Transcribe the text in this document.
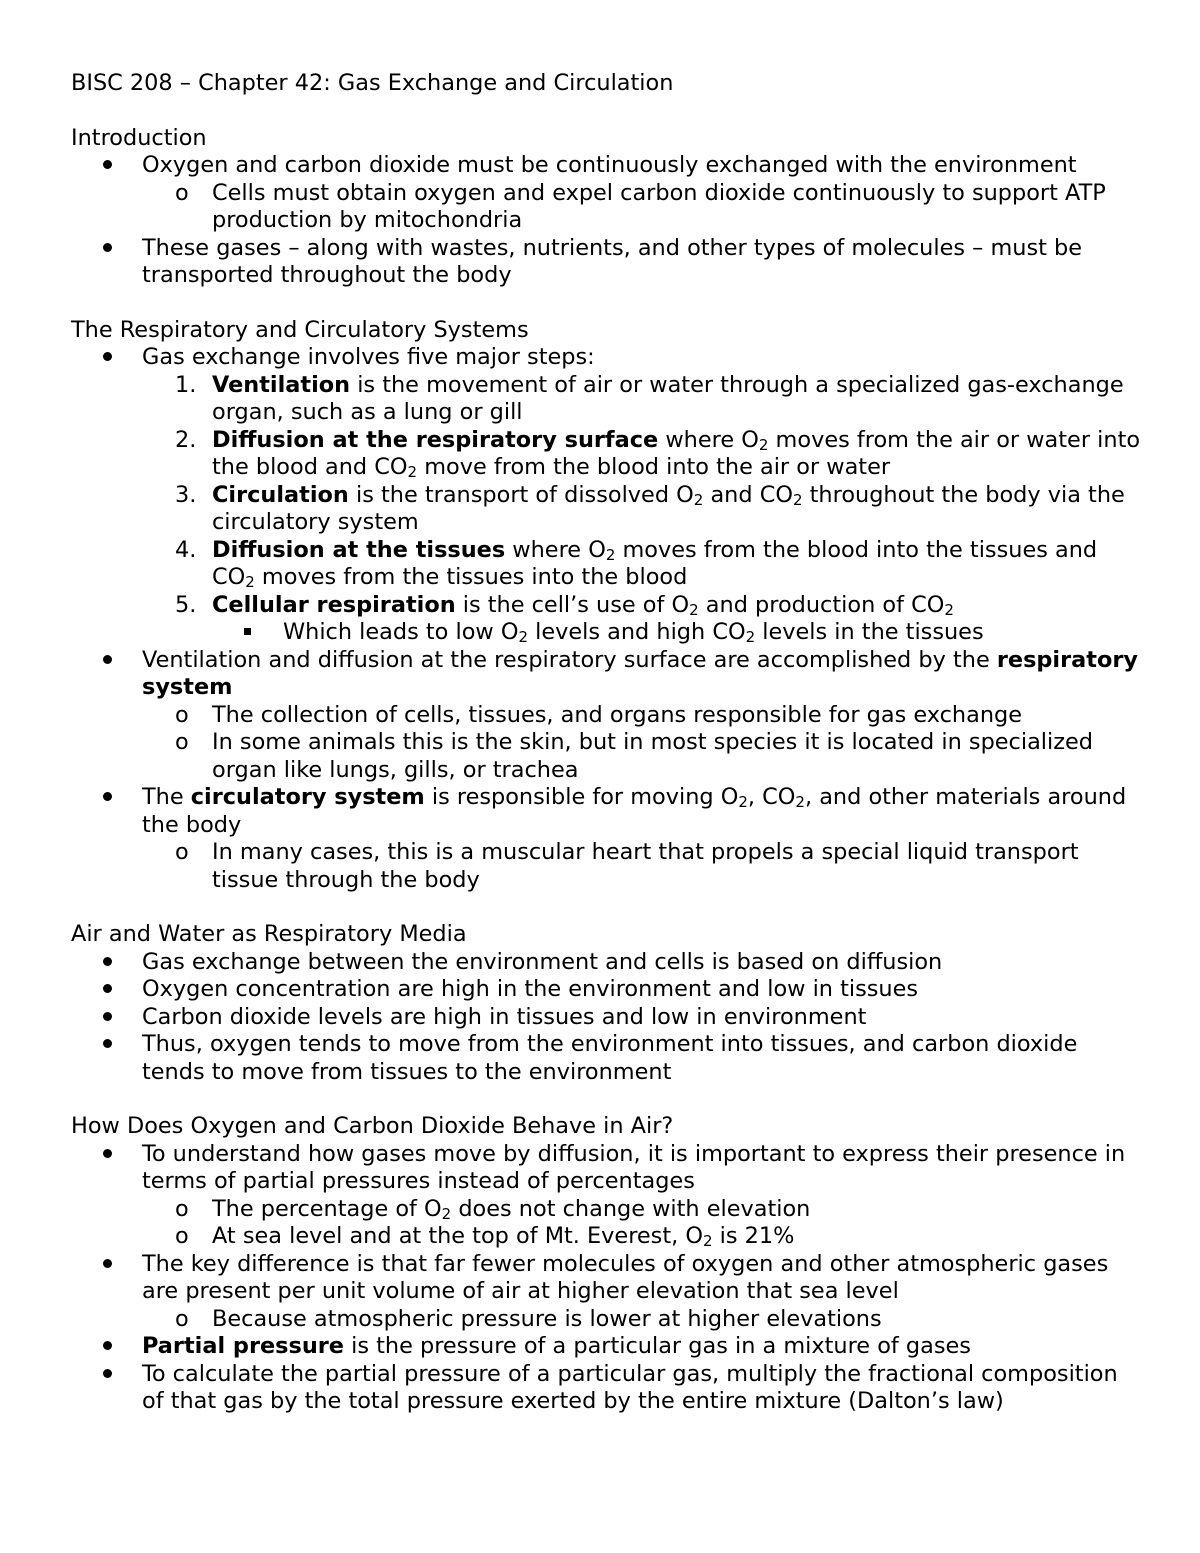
BISC 208 – Chapter 42: Gas Exchange and Circulation

Introduction

Oxygen and carbon dioxide must be continuously exchanged with the environment
o Cells must obtain oxygen and expel carbon dioxide continuously to support ATP production by mitochondria
These gases – along with wastes, nutrients, and other types of molecules – must be transported throughout the body

The Respiratory and Circulatory Systems

Gas exchange involves five major steps:
1. Ventilation is the movement of air or water through a specialized gas-exchange organ, such as a lung or gill
2. Diffusion at the respiratory surface where $O_2$ moves from the air or water into the blood and $CO_2$ move from the blood into the air or water
3. Circulation is the transport of dissolved $O_2$ and $CO_2$ throughout the body via the circulatory system
4. Diffusion at the tissues where $O_2$ moves from the blood into the tissues and $CO_2$ moves from the tissues into the blood
5. Cellular respiration is the cell’s use of $O_2$ and production of $CO_2$
Which leads to low $O_2$ levels and high $CO_2$ levels in the tissues
Ventilation and diffusion at the respiratory surface are accomplished by the respiratory system
o The collection of cells, tissues, and organs responsible for gas exchange
o In some animals this is the skin, but in most species it is located in specialized organ like lungs, gills, or trachea
The circulatory system is responsible for moving $O_2$, $CO_2$, and other materials around the body
o In many cases, this is a muscular heart that propels a special liquid transport tissue through the body

Air and Water as Respiratory Media

Gas exchange between the environment and cells is based on diffusion
Oxygen concentration are high in the environment and low in tissues
Carbon dioxide levels are high in tissues and low in environment
Thus, oxygen tends to move from the environment into tissues, and carbon dioxide tends to move from tissues to the environment

How Does Oxygen and Carbon Dioxide Behave in Air?

To understand how gases move by diffusion, it is important to express their presence in terms of partial pressures instead of percentages
o The percentage of $O_2$ does not change with elevation
o At sea level and at the top of Mt. Everest, $O_2$ is 21%
The key difference is that far fewer molecules of oxygen and other atmospheric gases are present per unit volume of air at higher elevation that sea level
o Because atmospheric pressure is lower at higher elevations
Partial pressure is the pressure of a particular gas in a mixture of gases
To calculate the partial pressure of a particular gas, multiply the fractional composition of that gas by the total pressure exerted by the entire mixture (Dalton’s law)
